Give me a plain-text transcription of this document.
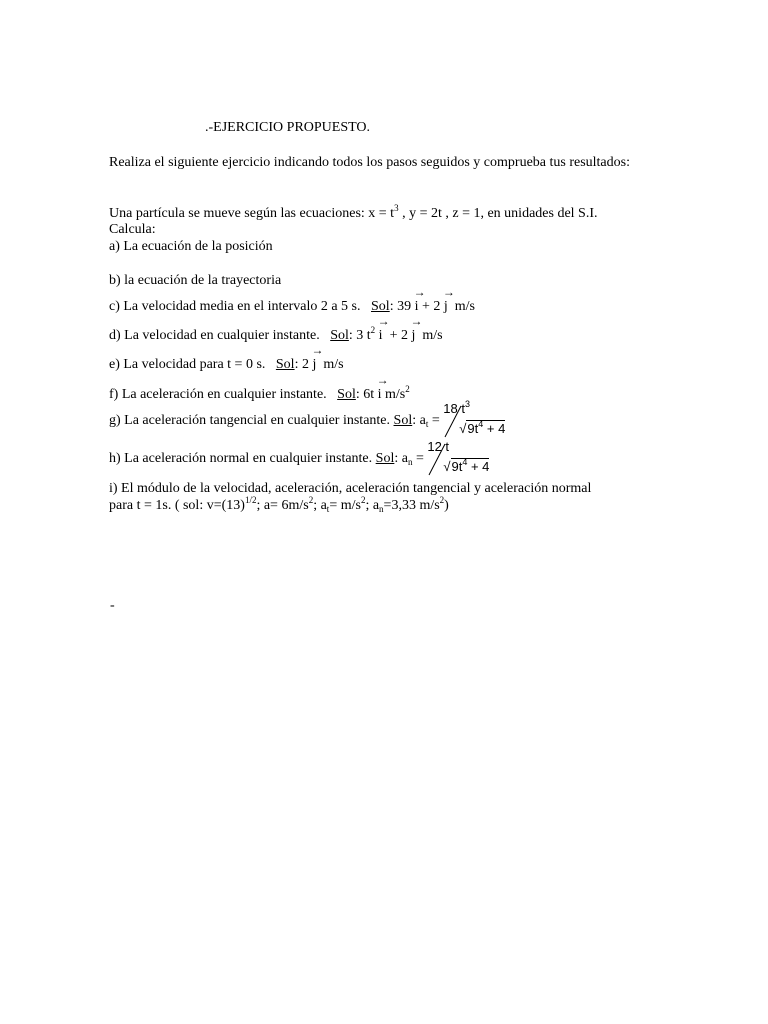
.-EJERCICIO PROPUESTO.
Realiza el siguiente ejercicio indicando todos los pasos seguidos y comprueba tus resultados:
Una partícula se mueve según las ecuaciones: $x = t^3$ , y = 2t , z = 1, en unidades del S.I.
Calcula:
a) La ecuación de la posición
b) la ecuación de la trayectoria
c) La velocidad media en el intervalo 2 a 5 s. Sol: 39
→
i + 2
→
j m/s
d) La velocidad en cualquier instante. Sol: 3 $t^2$
→
i + 2
→
j m/s
e) La velocidad para t = 0 s. Sol: 2
→
j m/s
f) La aceleración en cualquier instante. Sol: 6t
→
i $m/s^2$
g) La aceleración tangencial en cualquier instante. Sol: $a_t$ =
18 $t^3$
$√9t^4 + 4$
h) La aceleración normal en cualquier instante. Sol: $a_n$ =
12 t
$√9t^4 + 4$
i) El módulo de la velocidad, aceleración, aceleración tangencial y aceleración normal
para t = 1s. ( sol: $v=(13)^{1/2}$; $a= 6m/s^2$; $a_t= m/s^2$; $a_n=3,33$ $m/s^2$)
-
